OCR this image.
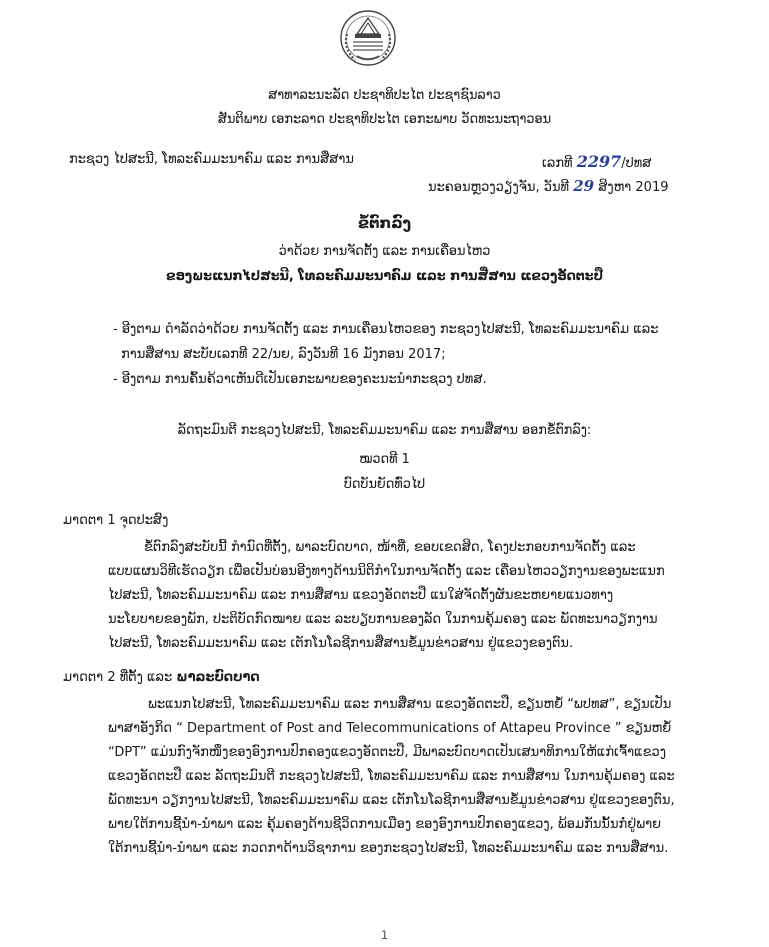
ສາທາລະນະລັດ ປະຊາທິປະໄຕ ປະຊາຊົນລາວ
ສັນຕິພາບ ເອກະລາດ ປະຊາທິປະໄຕ ເອກະພາບ ວັດທະນະຖາວອນ
ກະຊວງ ໄປສະນີ, ໂທລະຄົມມະນາຄົມ ແລະ ການສື່ສານ	ເລກທີ 2297/ປທສ
ນະຄອນຫຼວງວຽງຈັນ, ວັນທີ 29 ສິງຫາ 2019
ຂໍ້ຕົກລົງ
ວ່າດ້ວຍ ການຈັດຕັ້ງ ແລະ ການເຄື່ອນໄຫວ
ຂອງພະແນກໄປສະນີ, ໂທລະຄົມມະນາຄົມ ແລະ ການສື່ສານ ແຂວງອັດຕະປື
- ອີງຕາມ ດຳລັດວ່າດ້ວຍ ການຈັດຕັ້ງ ແລະ ການເຄື່ອນໄຫວຂອງ ກະຊວງໄປສະນີ, ໂທລະຄົມມະນາຄົມ ແລະ
ການສື່ສານ ສະບັບເລກທີ 22/ນຍ, ລົງວັນທີ 16 ມັງກອນ 2017;
- ອີງຕາມ ການຄົ້ນຄ້ວາເຫັນດີເປັນເອກະພາບຂອງຄະນະນຳກະຊວງ ປທສ.
ລັດຖະມົນຕີ ກະຊວງໄປສະນີ, ໂທລະຄົມມະນາຄົມ ແລະ ການສື່ສານ ອອກຂໍ້ຕົກລົງ:
ໝວດທີ 1
ບົດບັນຍັດທົ່ວໄປ
ມາດຕາ 1 ຈຸດປະສົງ
ຂໍ້ຕົກລົງສະບັບນີ້ ກຳນົດທີ່ຕັ້ງ, ພາລະບົດບາດ, ໜ້າທີ່, ຂອບເຂດສິດ, ໂຄງປະກອບການຈັດຕັ້ງ ແລະ
ແບບແຜນວິທີເຮັດວຽກ ເພື່ອເປັນບ່ອນອີງທາງດ້ານນິຕິກຳໃນການຈັດຕັ້ງ ແລະ ເຄື່ອນໄຫວວຽກງານຂອງພະແນກ
ໄປສະນີ, ໂທລະຄົມມະນາຄົມ ແລະ ການສື່ສານ ແຂວງອັດຕະປື ແນໃສ່ຈັດຕັ້ງຜັນຂະຫຍາຍແນວທາງ
ນະໂຍບາຍຂອງພັກ, ປະຕິບັດກົດໝາຍ ແລະ ລະບຽບການຂອງລັດ ໃນການຄຸ້ມຄອງ ແລະ ພັດທະນາວຽກງານ
ໄປສະນີ, ໂທລະຄົມມະນາຄົມ ແລະ ເຕັກໂນໂລຊີການສື່ສານຂໍ້ມູນຂ່າວສານ ຢູ່ແຂວງຂອງຕົນ.
ມາດຕາ 2 ທີ່ຕັ້ງ ແລະ ພາລະບົດບາດ
ພະແນກໄປສະນີ, ໂທລະຄົມມະນາຄົມ ແລະ ການສື່ສານ ແຂວງອັດຕະປື, ຂຽນຫຍໍ້ “ພປທສ”, ຂຽນເປັນ
ພາສາອັງກິດ “ Department of Post and Telecommunications of Attapeu Province ” ຂຽນຫຍໍ້
“DPT” ແມ່ນກົງຈັກໜຶ່ງຂອງອົງການປົກຄອງແຂວງອັດຕະປື, ມີພາລະບົດບາດເປັນເສນາທິການໃຫ້ແກ່ເຈົ້າແຂວງ
ແຂວງອັດຕະປື ແລະ ລັດຖະມົນຕີ ກະຊວງໄປສະນີ, ໂທລະຄົມມະນາຄົມ ແລະ ການສື່ສານ ໃນການຄຸ້ມຄອງ ແລະ
ພັດທະນາ ວຽກງານໄປສະນີ, ໂທລະຄົມມະນາຄົມ ແລະ ເຕັກໂນໂລຊີການສື່ສານຂໍ້ມູນຂ່າວສານ ຢູ່ແຂວງຂອງຕົນ,
ພາຍໃຕ້ການຊີ້ນຳ-ນຳພາ ແລະ ຄຸ້ມຄອງດ້ານຊີວິດການເມືອງ ຂອງອົງການປົກຄອງແຂວງ, ພ້ອມກັນນັ້ນກໍ່ຢູ່ພາຍ
ໃຕ້ການຊີ້ນຳ-ນຳພາ ແລະ ກວດກາດ້ານວິຊາການ ຂອງກະຊວງໄປສະນີ, ໂທລະຄົມມະນາຄົມ ແລະ ການສື່ສານ.
1
